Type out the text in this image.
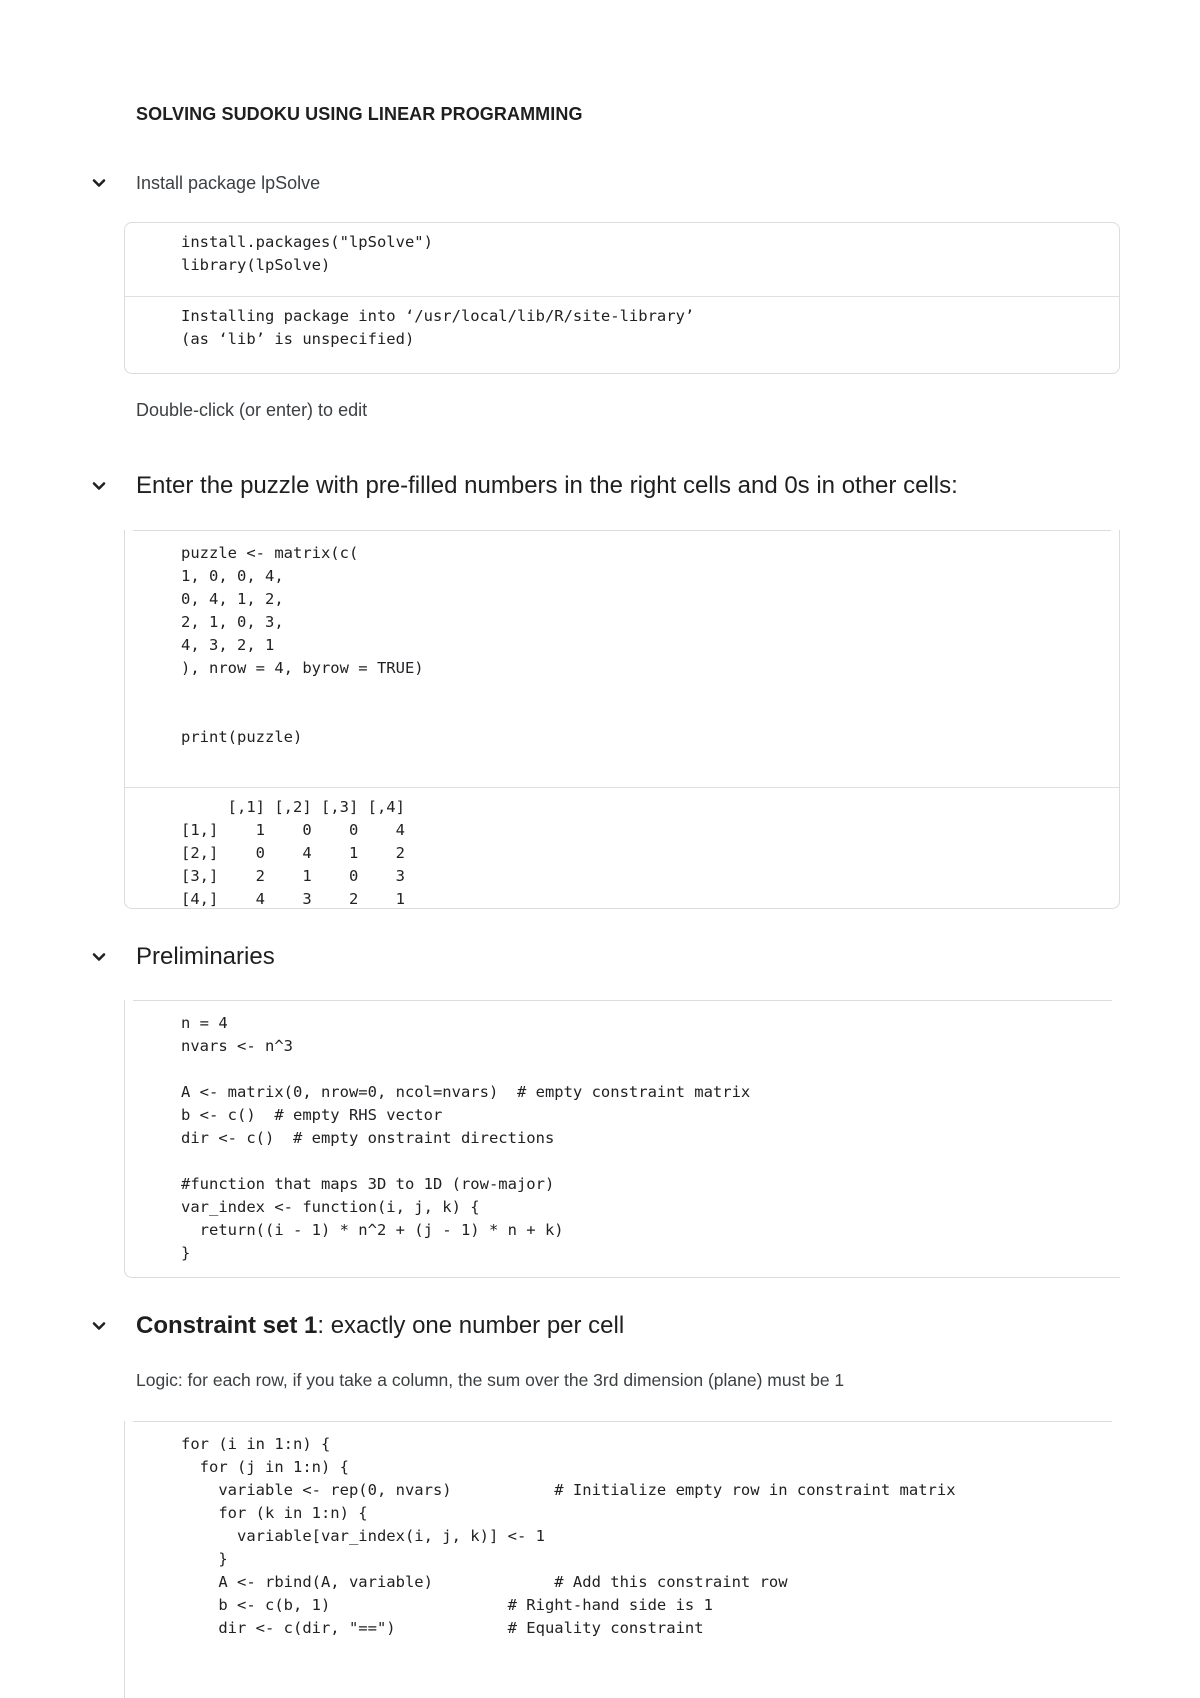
SOLVING SUDOKU USING LINEAR PROGRAMMING
Install package lpSolve
install.packages("lpSolve")
library(lpSolve)
Installing package into ‘/usr/local/lib/R/site-library’
(as ‘lib’ is unspecified)
Double-click (or enter) to edit
Enter the puzzle with pre-filled numbers in the right cells and 0s in other cells:
puzzle <- matrix(c(
1, 0, 0, 4,
0, 4, 1, 2,
2, 1, 0, 3,
4, 3, 2, 1
), nrow = 4, byrow = TRUE)

print(puzzle)
[,1] [,2] [,3] [,4]
[1,]    1    0    0    4
[2,]    0    4    1    2
[3,]    2    1    0    3
[4,]    4    3    2    1
Preliminaries
n = 4
nvars <- n^3

A <- matrix(0, nrow=0, ncol=nvars)  # empty constraint matrix
b <- c()  # empty RHS vector
dir <- c()  # empty onstraint directions

#function that maps 3D to 1D (row-major)
var_index <- function(i, j, k) {
return((i - 1) * n^2 + (j - 1) * n + k)
}
Constraint set 1: exactly one number per cell
Logic: for each row, if you take a column, the sum over the 3rd dimension (plane) must be 1
for (i in 1:n) {
for (j in 1:n) {
variable <- rep(0, nvars)           # Initialize empty row in constraint matrix
for (k in 1:n) {
variable[var_index(i, j, k)] <- 1
}
A <- rbind(A, variable)             # Add this constraint row
b <- c(b, 1)                   # Right-hand side is 1
dir <- c(dir, "==")            # Equality constraint
